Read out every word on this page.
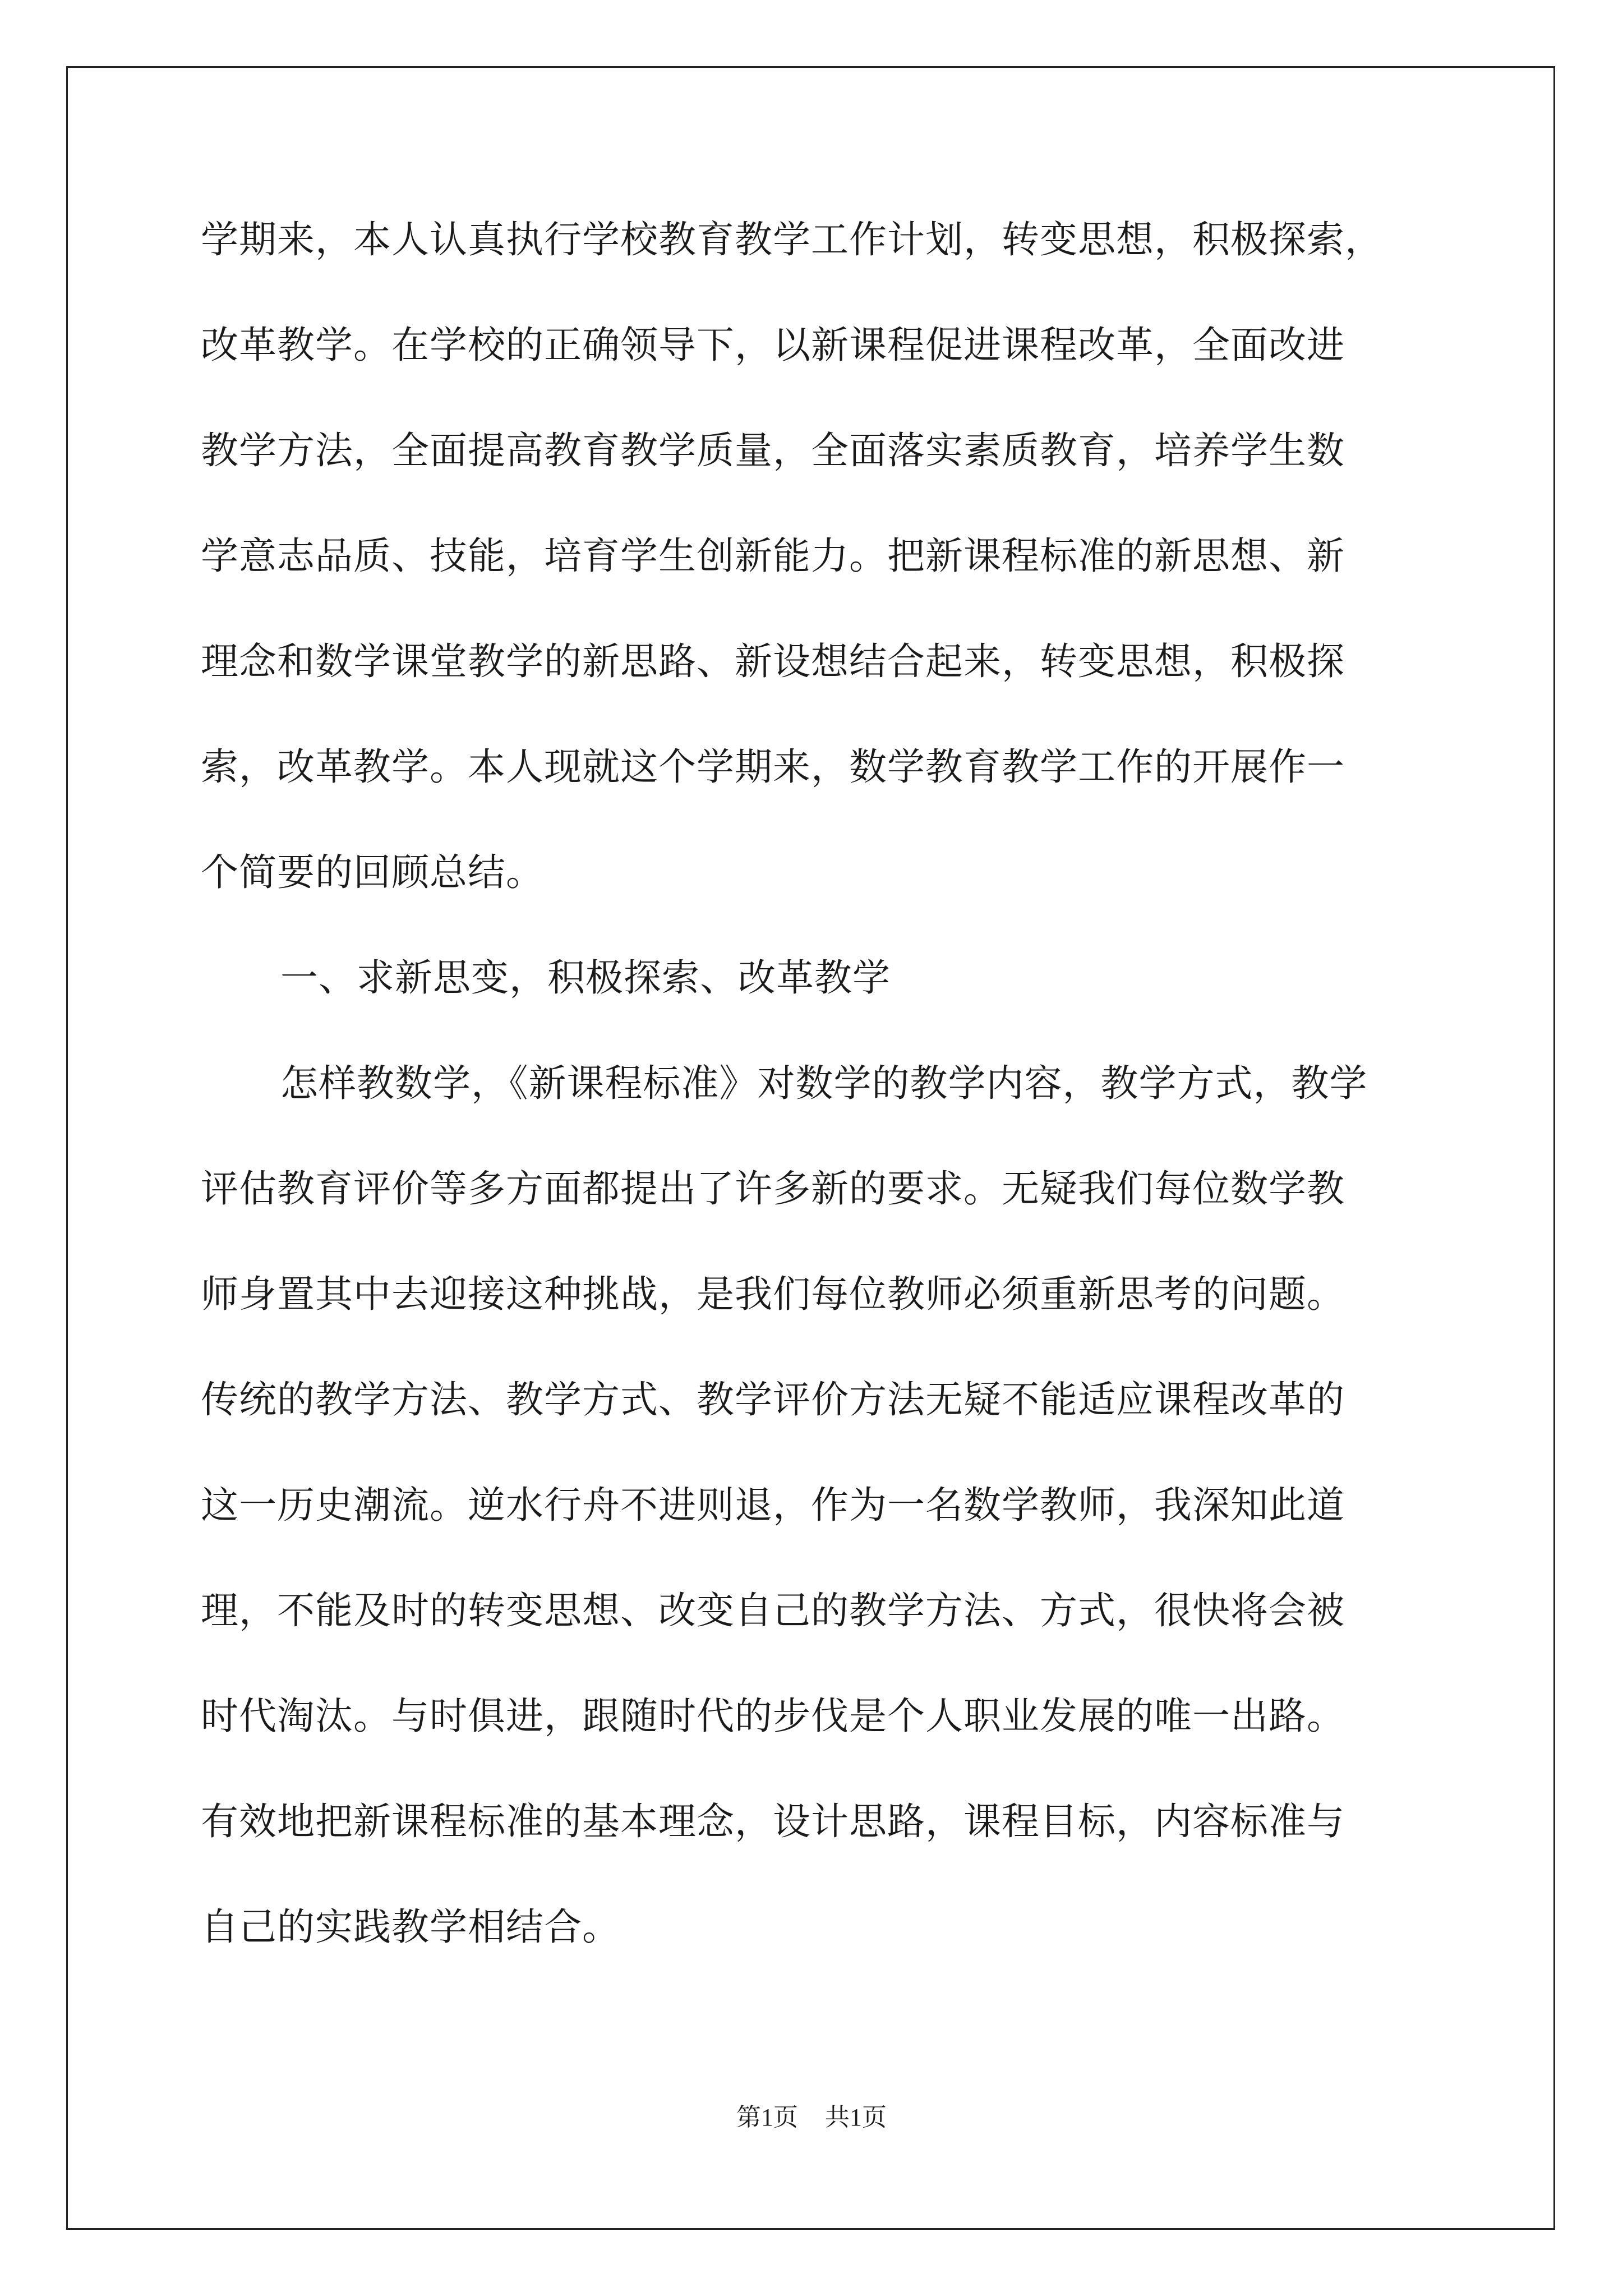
学期来，本人认真执行学校教育教学工作计划，转变思想，积极探索，
改革教学。在学校的正确领导下，以新课程促进课程改革，全面改进
教学方法，全面提高教育教学质量，全面落实素质教育，培养学生数
学意志品质、技能，培育学生创新能力。把新课程标准的新思想、新
理念和数学课堂教学的新思路、新设想结合起来，转变思想，积极探
索，改革教学。本人现就这个学期来，数学教育教学工作的开展作一
个简要的回顾总结。
一、求新思变，积极探索、改革教学
怎样教数学，《新课程标准》对数学的教学内容，教学方式，教学
评估教育评价等多方面都提出了许多新的要求。无疑我们每位数学教
师身置其中去迎接这种挑战，是我们每位教师必须重新思考的问题。
传统的教学方法、教学方式、教学评价方法无疑不能适应课程改革的
这一历史潮流。逆水行舟不进则退，作为一名数学教师，我深知此道
理，不能及时的转变思想、改变自己的教学方法、方式，很快将会被
时代淘汰。与时俱进，跟随时代的步伐是个人职业发展的唯一出路。
有效地把新课程标准的基本理念，设计思路，课程目标，内容标准与
自己的实践教学相结合。
第1页 共1页
